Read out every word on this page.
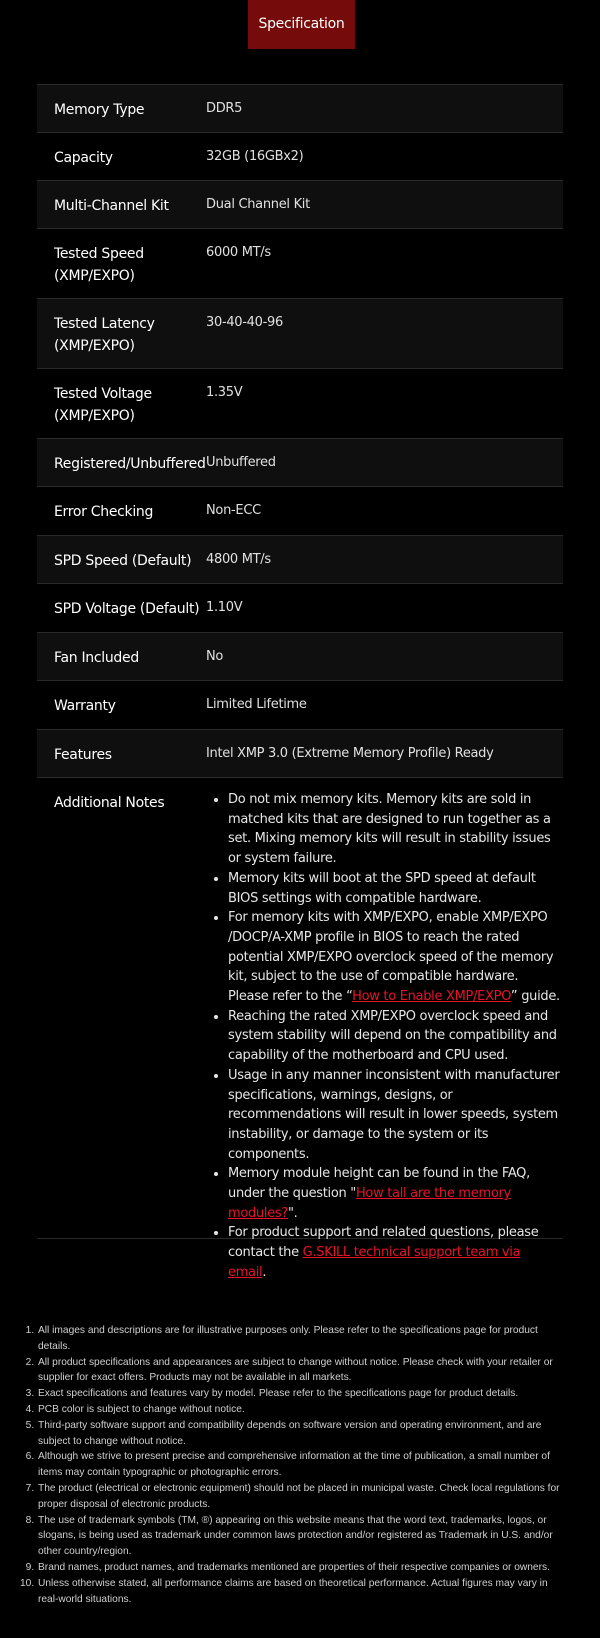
Specification
Memory Type	DDR5
Capacity	32GB (16GBx2)
Multi-Channel Kit	Dual Channel Kit
Tested Speed (XMP/EXPO)
6000 MT/s
Tested Latency (XMP/EXPO)
30-40-40-96
Tested Voltage (XMP/EXPO)
1.35V
Registered/Unbuffered Unbuffered
Error Checking	Non-ECC
SPD Speed (Default)	4800 MT/s
SPD Voltage (Default) 1.10V
Fan Included	No
Warranty	Limited Lifetime
Features	Intel XMP 3.0 (Extreme Memory Profile) Ready
Additional Notes
•	Do not mix memory kits. Memory kits are sold in matched kits that are designed to run together as a set. Mixing memory kits will result in stability issues or system failure.
• Memory kits will boot at the SPD speed at default BIOS settings with compatible hardware.
• For memory kits with XMP/EXPO, enable XMP/EXPO /DOCP/A-XMP profile in BIOS to reach the rated potential XMP/EXPO overclock speed of the memory kit, subject to the use of compatible hardware. Please refer to the “How to Enable XMP/EXPO” guide.
• Reaching the rated XMP/EXPO overclock speed and system stability will depend on the compatibility and capability of the motherboard and CPU used.
• Usage in any manner inconsistent with manufacturer specifications, warnings, designs, or recommendations will result in lower speeds, system instability, or damage to the system or its components.
• Memory module height can be found in the FAQ, under the question "How tall are the memory modules?".
• For product support and related questions, please contact the G.SKILL technical support team via email.
1. All images and descriptions are for illustrative purposes only. Please refer to the specifications page for product details.
2. All product specifications and appearances are subject to change without notice. Please check with your retailer or supplier for exact offers. Products may not be available in all markets.
3. Exact specifications and features vary by model. Please refer to the specifications page for product details.
4. PCB color is subject to change without notice.
5. Third-party software support and compatibility depends on software version and operating environment, and are subject to change without notice.
6. Although we strive to present precise and comprehensive information at the time of publication, a small number of items may contain typographic or photographic errors.
7. The product (electrical or electronic equipment) should not be placed in municipal waste. Check local regulations for proper disposal of electronic products.
8. The use of trademark symbols (TM, ®) appearing on this website means that the word text, trademarks, logos, or slogans, is being used as trademark under common laws protection and/or registered as Trademark in U.S. and/or other country/region.
9. Brand names, product names, and trademarks mentioned are properties of their respective companies or owners.
10. Unless otherwise stated, all performance claims are based on theoretical performance. Actual figures may vary in real-world situations.
